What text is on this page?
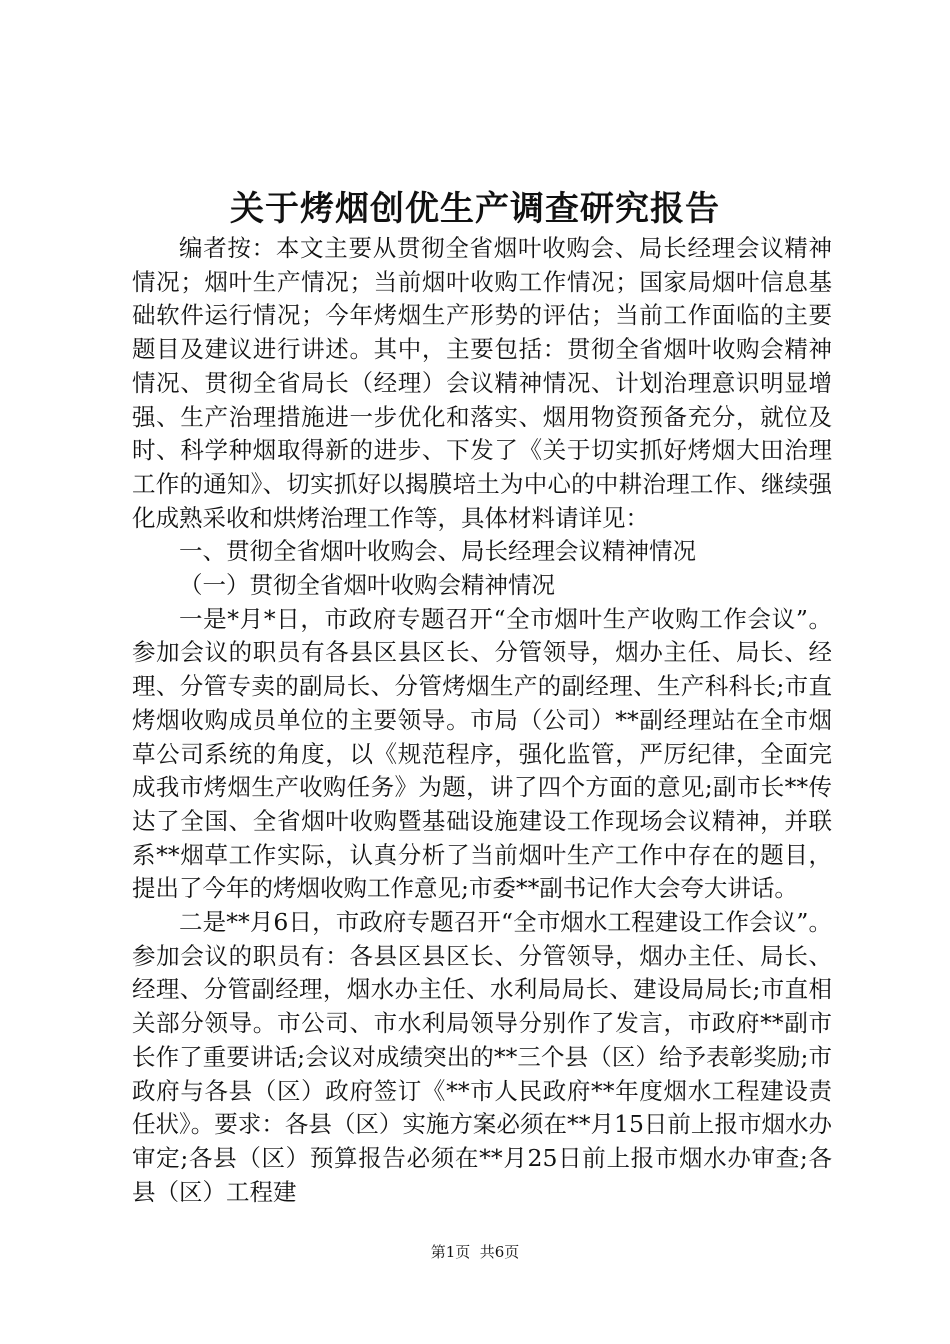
关于烤烟创优生产调查研究报告

编者按：本文主要从贯彻全省烟叶收购会、局长经理会议精神情况；烟叶生产情况；当前烟叶收购工作情况；国家局烟叶信息基础软件运行情况；今年烤烟生产形势的评估；当前工作面临的主要题目及建议进行讲述。其中，主要包括：贯彻全省烟叶收购会精神情况、贯彻全省局长（经理）会议精神情况、计划治理意识明显增强、生产治理措施进一步优化和落实、烟用物资预备充分，就位及时、科学种烟取得新的进步、下发了《关于切实抓好烤烟大田治理工作的通知》、切实抓好以揭膜培土为中心的中耕治理工作、继续强化成熟采收和烘烤治理工作等，具体材料请详见：

一、贯彻全省烟叶收购会、局长经理会议精神情况

（一）贯彻全省烟叶收购会精神情况

一是*月*日，市政府专题召开“全市烟叶生产收购工作会议”。参加会议的职员有各县区县区长、分管领导，烟办主任、局长、经理、分管专卖的副局长、分管烤烟生产的副经理、生产科科长;市直烤烟收购成员单位的主要领导。市局（公司）**副经理站在全市烟草公司系统的角度，以《规范程序，强化监管，严厉纪律，全面完成我市烤烟生产收购任务》为题，讲了四个方面的意见;副市长**传达了全国、全省烟叶收购暨基础设施建设工作现场会议精神，并联系**烟草工作实际，认真分析了当前烟叶生产工作中存在的题目，提出了今年的烤烟收购工作意见;市委**副书记作大会夸大讲话。

二是**月6日，市政府专题召开“全市烟水工程建设工作会议”。参加会议的职员有：各县区县区长、分管领导，烟办主任、局长、经理、分管副经理，烟水办主任、水利局局长、建设局局长;市直相关部分领导。市公司、市水利局领导分别作了发言，市政府**副市长作了重要讲话;会议对成绩突出的**三个县（区）给予表彰奖励;市政府与各县（区）政府签订《**市人民政府**年度烟水工程建设责任状》。要求：各县（区）实施方案必须在**月15日前上报市烟水办审定;各县（区）预算报告必须在**月25日前上报市烟水办审查;各县（区）工程建

第1页  共6页
